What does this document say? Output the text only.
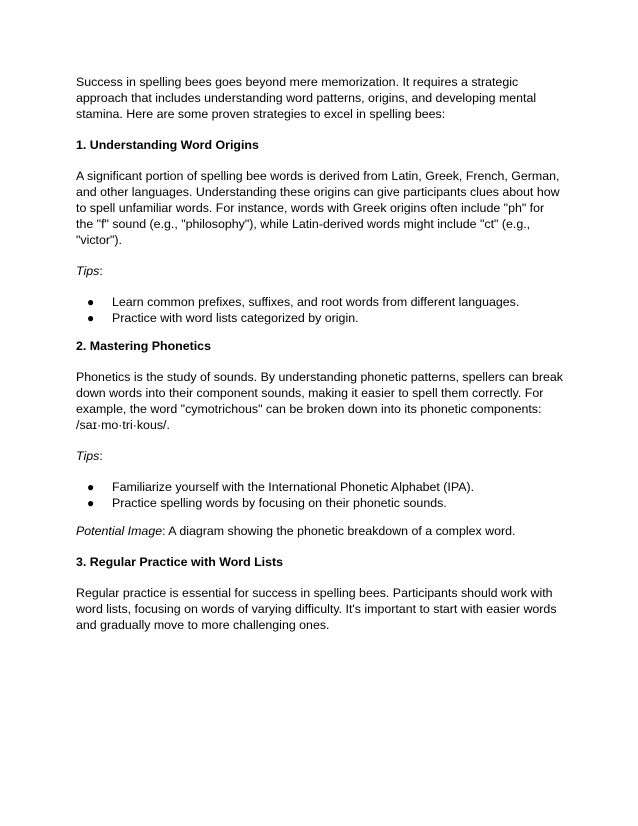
Success in spelling bees goes beyond mere memorization. It requires a strategic approach that includes understanding word patterns, origins, and developing mental stamina. Here are some proven strategies to excel in spelling bees:

1. Understanding Word Origins

A significant portion of spelling bee words is derived from Latin, Greek, French, German, and other languages. Understanding these origins can give participants clues about how to spell unfamiliar words. For instance, words with Greek origins often include "ph" for the "f" sound (e.g., "philosophy"), while Latin-derived words might include "ct" (e.g., "victor").

Tips:

● Learn common prefixes, suffixes, and root words from different languages.
● Practice with word lists categorized by origin.
2. Mastering Phonetics

Phonetics is the study of sounds. By understanding phonetic patterns, spellers can break down words into their component sounds, making it easier to spell them correctly. For example, the word "cymotrichous" can be broken down into its phonetic components: /saɪ·mo·tri·kous/.

Tips:

● Familiarize yourself with the International Phonetic Alphabet (IPA).
● Practice spelling words by focusing on their phonetic sounds.

Potential Image: A diagram showing the phonetic breakdown of a complex word.

3. Regular Practice with Word Lists

Regular practice is essential for success in spelling bees. Participants should work with word lists, focusing on words of varying difficulty. It's important to start with easier words and gradually move to more challenging ones.
